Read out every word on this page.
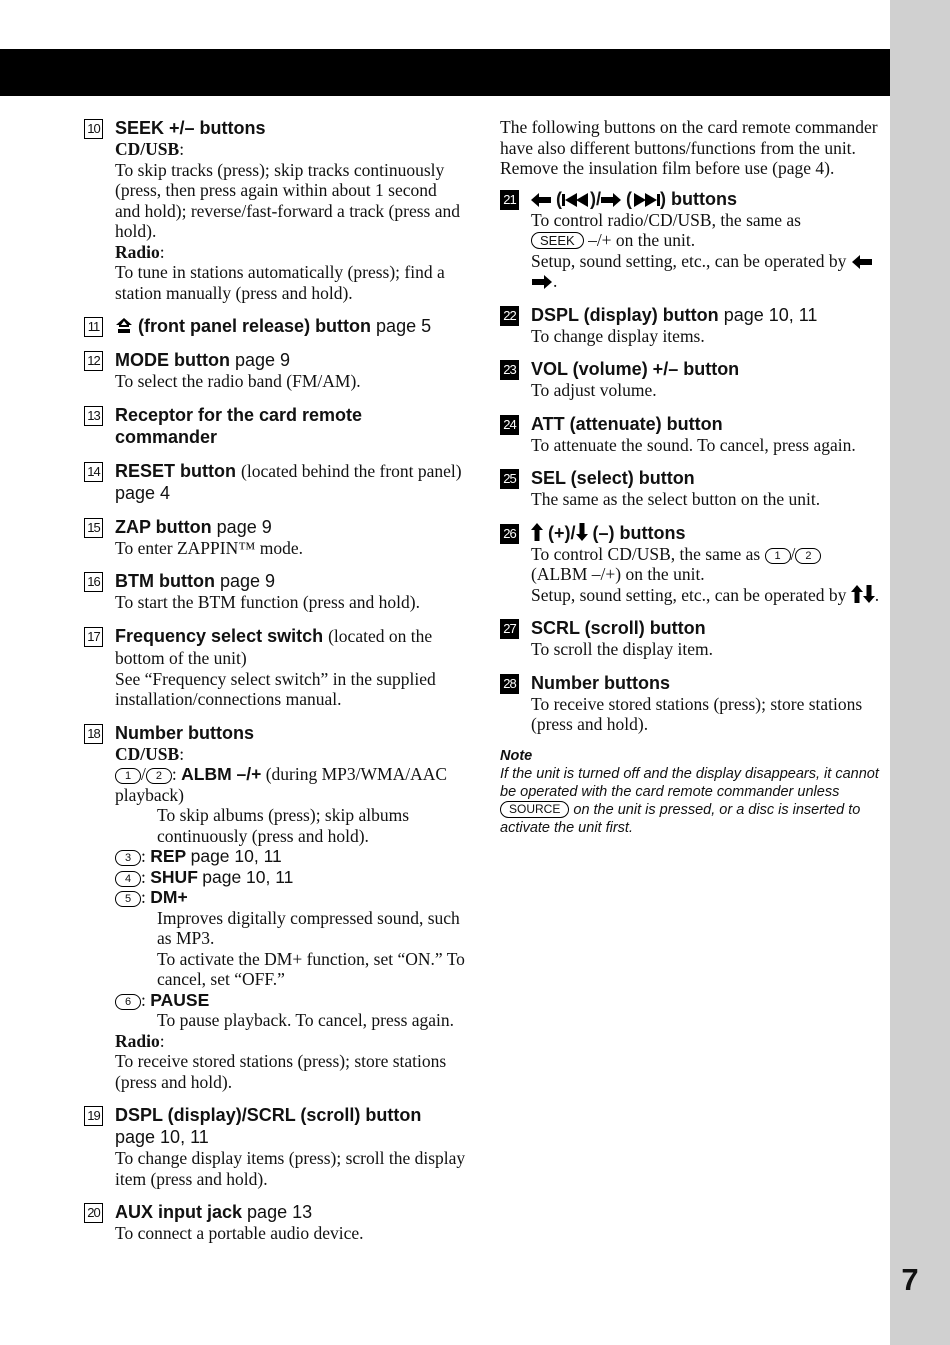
7
10 SEEK +/– buttons

CD/USB:

To skip tracks (press); skip tracks continuously (press, then press again within about 1 second and hold); reverse/fast-forward a track (press and hold).

Radio:

To tune in stations automatically (press); find a station manually (press and hold).

11	(front panel release) button page 5

12 MODE button page 9

To select the radio band (FM/AM).

13 Receptor for the card remote commander

14 RESET button (located behind the front panel) page 4

15 ZAP button page 9

To enter ZAPPIN™ mode.

16 BTM button page 9

To start the BTM function (press and hold).

17 Frequency select switch (located on the bottom of the unit)

See “Frequency select switch” in the supplied installation/connections manual.

18 Number buttons

CD/USB:

1 / 2 : ALBM –/+ (during MP3/WMA/AAC playback)

To skip albums (press); skip albums continuously (press and hold).

3 : REP page 10, 11

4 : SHUF page 10, 11

5 : DM+

Improves digitally compressed sound, such as MP3.

To activate the DM+ function, set “ON.” To cancel, set “OFF.”

6 : PAUSE

To pause playback. To cancel, press again.

Radio:

To receive stored stations (press); store stations (press and hold).

19 DSPL (display)/SCRL (scroll) button

page 10, 11

To change display items (press); scroll the display item (press and hold).

20 AUX input jack page 13

To connect a portable audio device.

The following buttons on the card remote commander have also different buttons/functions from the unit. Remove the insulation film before use (page 4).

21	( )/ ( ) buttons

To control radio/CD/USB, the same as

SEEK –/+ on the unit.

Setup, sound setting, etc., can be operated by  .

22 DSPL (display) button page 10, 11

To change display items.

23 VOL (volume) +/– button

To adjust volume.

24 ATT (attenuate) button

To attenuate the sound. To cancel, press again.

25 SEL (select) button

The same as the select button on the unit.

26	(+)/ (–) buttons

To control CD/USB, the same as 1 / 2

(ALBM –/+) on the unit.

Setup, sound setting, etc., can be operated by .

27 SCRL (scroll) button

To scroll the display item.

28 Number buttons

To receive stored stations (press); store stations (press and hold).

Note

If the unit is turned off and the display disappears, it cannot be operated with the card remote commander unless SOURCE on the unit is pressed, or a disc is inserted to activate the unit first.
